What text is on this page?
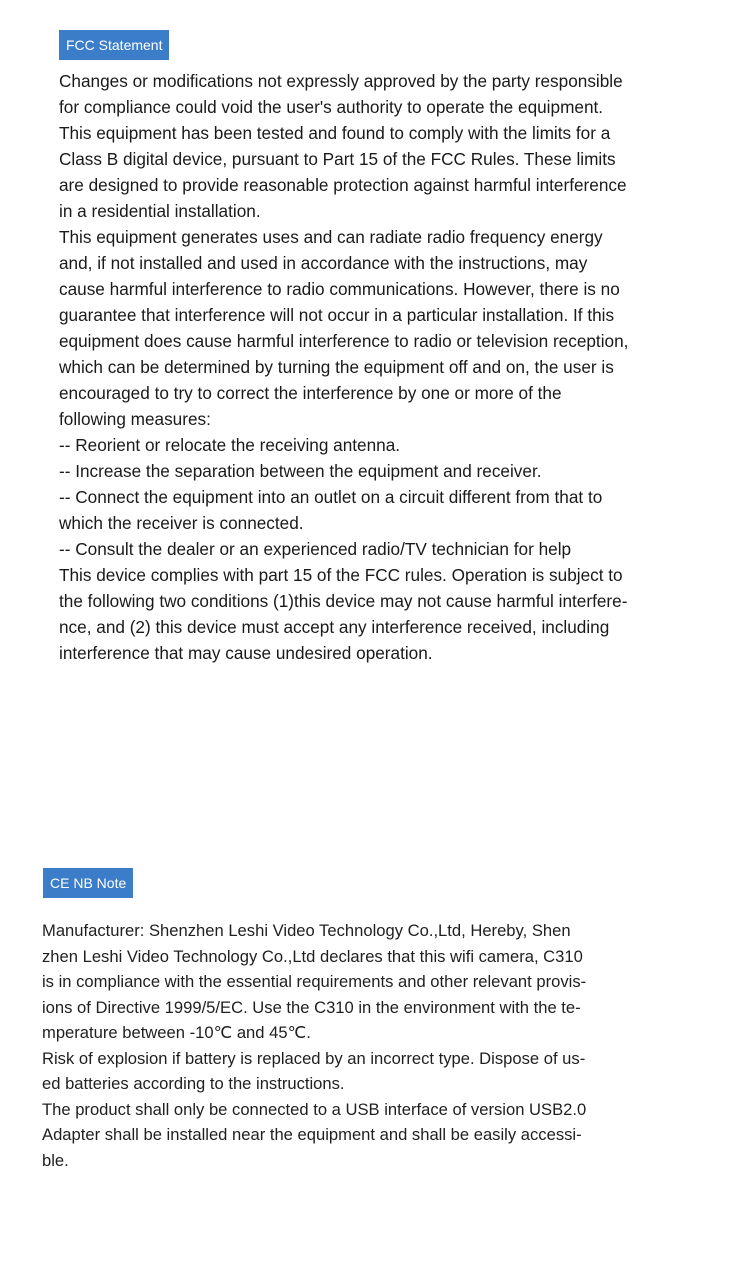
FCC Statement
Changes or modifications not expressly approved by the party responsible
for compliance could void the user's authority to operate the equipment.
This equipment has been tested and found to comply with the limits for a
Class B digital device, pursuant to Part 15 of the FCC Rules. These limits
are designed to provide reasonable protection against harmful interference
in a residential installation.
This equipment generates uses and can radiate radio frequency energy
and, if not installed and used in accordance with the instructions, may
cause harmful interference to radio communications. However, there is no
guarantee that interference will not occur in a particular installation. If this
equipment does cause harmful interference to radio or television reception,
which can be determined by turning the equipment off and on, the user is
encouraged to try to correct the interference by one or more of the
following measures:
-- Reorient or relocate the receiving antenna.
-- Increase the separation between the equipment and receiver.
-- Connect the equipment into an outlet on a circuit different from that to
which the receiver is connected.
-- Consult the dealer or an experienced radio/TV technician for help
This device complies with part 15 of the FCC rules. Operation is subject to
the following two conditions (1)this device may not cause harmful interfere-
nce, and (2) this device must accept any interference received, including
interference that may cause undesired operation.
CE NB Note
Manufacturer: Shenzhen Leshi Video Technology Co.,Ltd, Hereby, Shen
zhen Leshi Video Technology Co.,Ltd declares that this wifi camera, C310
is in compliance with the essential requirements and other relevant provis-
ions of Directive 1999/5/EC. Use the C310 in the environment with the te-
mperature between -10℃ and 45℃.
Risk of explosion if battery is replaced by an incorrect type. Dispose of us-
ed batteries according to the instructions.
The product shall only be connected to a USB interface of version USB2.0
Adapter shall be installed near the equipment and shall be easily accessi-
ble.
